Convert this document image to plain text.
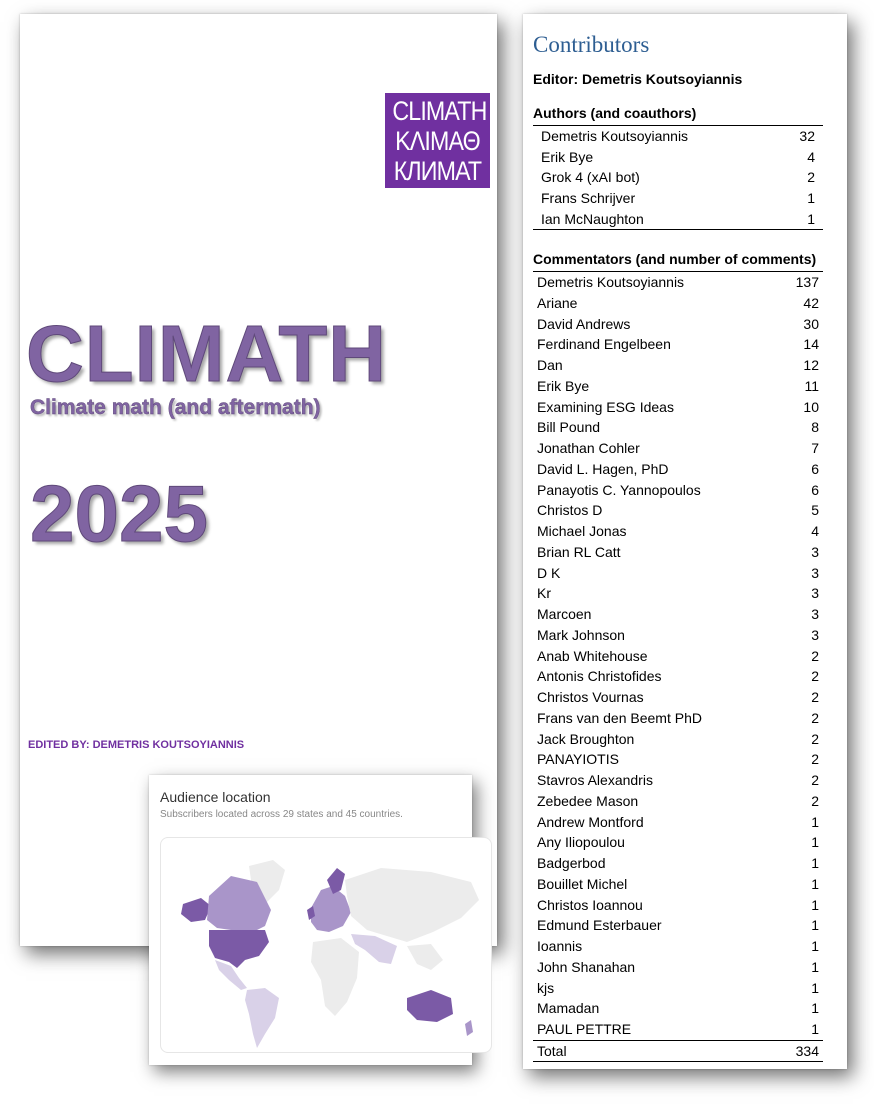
CLIMATH
ΚΛΙΜΑΘ
КЛИМАТ
CLIMATH
Climate math (and aftermath)
2025
EDITED BY: DEMETRIS KOUTSOYIANNIS
Audience location
Subscribers located across 29 states and 45 countries.
Contributors
Editor: Demetris Koutsoyiannis
Authors (and coauthors)
Demetris Koutsoyiannis	32
Erik Bye	4
Grok 4 (xAI bot)	2
Frans Schrijver	1
Ian McNaughton	1
Commentators (and number of comments)
Demetris Koutsoyiannis	137
Ariane	42
David Andrews	30
Ferdinand Engelbeen	14
Dan	12
Erik Bye	11
Examining ESG Ideas	10
Bill Pound	8
Jonathan Cohler	7
David L. Hagen, PhD	6
Panayotis C. Yannopoulos	6
Christos D	5
Michael Jonas	4
Brian RL Catt	3
D K	3
Kr	3
Marcoen	3
Mark Johnson	3
Anab Whitehouse	2
Antonis Christofides	2
Christos Vournas	2
Frans van den Beemt PhD	2
Jack Broughton	2
PANAYIOTIS	2
Stavros Alexandris	2
Zebedee Mason	2
Andrew Montford	1
Any Iliopoulou	1
Badgerbod	1
Bouillet Michel	1
Christos Ioannou	1
Edmund Esterbauer	1
Ioannis	1
John Shanahan	1
kjs	1
Mamadan	1
PAUL PETTRE	1
Total	334
